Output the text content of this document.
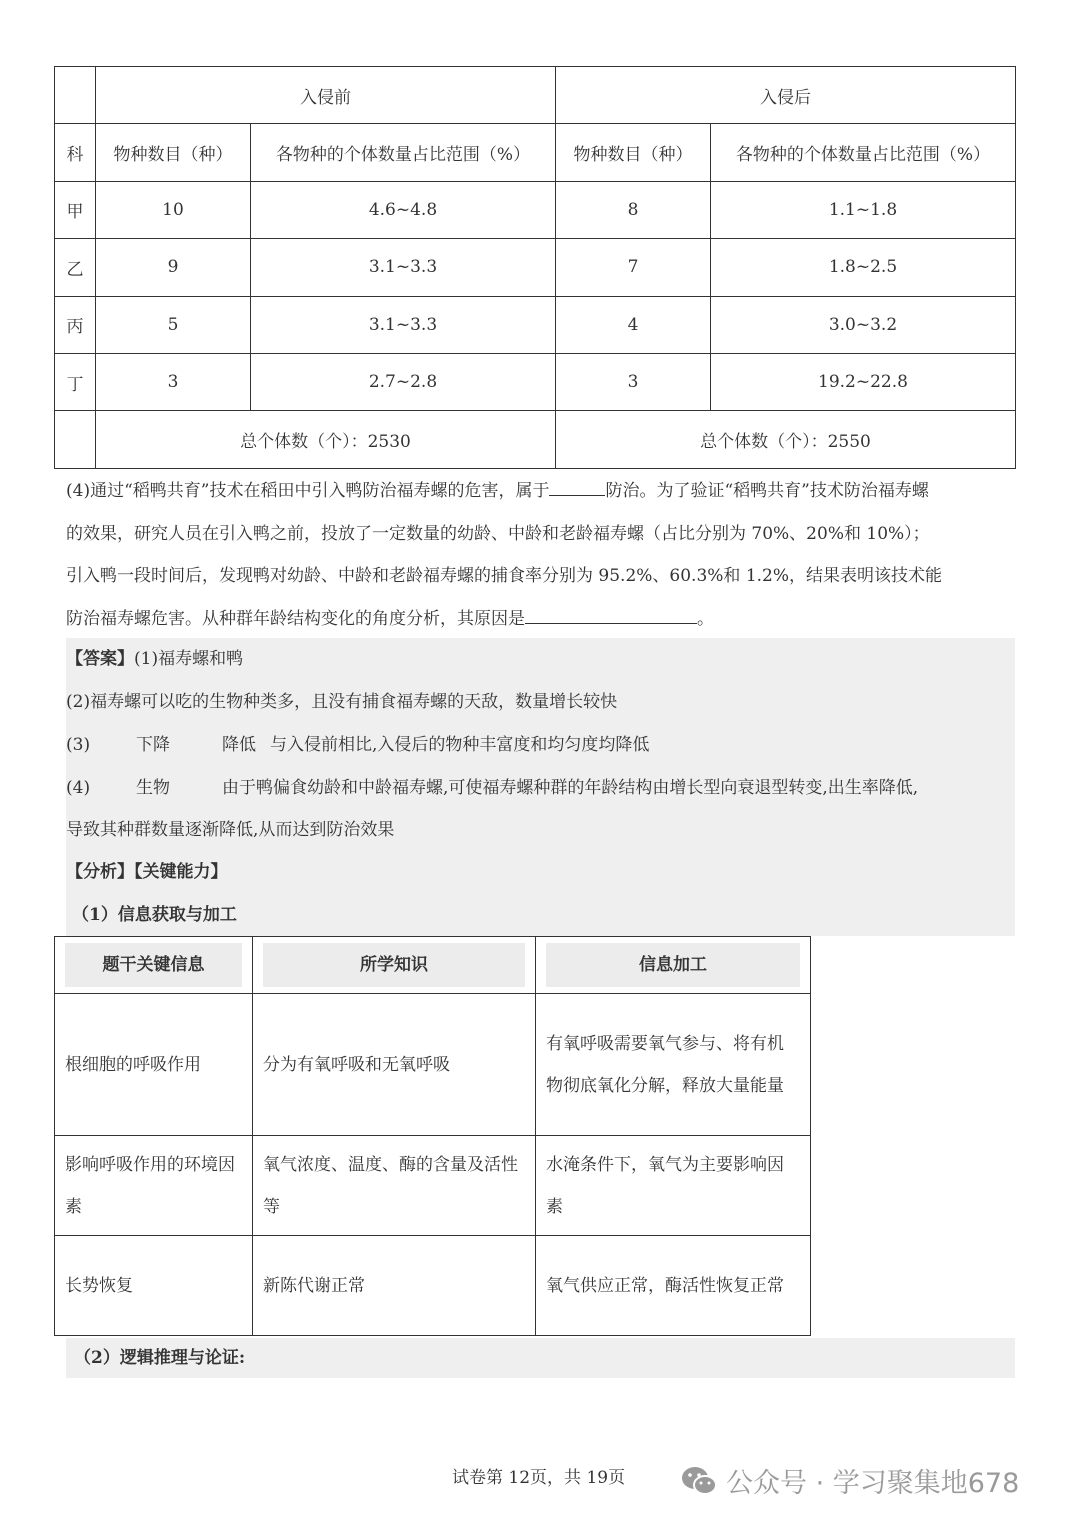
	入侵前		入侵后	
科	物种数目（种）	各物种的个体数量占比范围（%）	物种数目（种）	各物种的个体数量占比范围（%）
甲	10	4.6~4.8	8	1.1~1.8
乙	9	3.1~3.3	7	1.8~2.5
丙	5	3.1~3.3	4	3.0~3.2
丁	3	2.7~2.8	3	19.2~22.8
	总个体数（个）：2530		总个体数（个）：2550	
(4)通过“稻鸭共育”技术在稻田中引入鸭防治福寿螺的危害，属于	防治。为了验证“稻鸭共育”技术防治福寿螺
的效果，研究人员在引入鸭之前，投放了一定数量的幼龄、中龄和老龄福寿螺（占比分别为 70%、20%和 10%）；
引入鸭一段时间后，发现鸭对幼龄、中龄和老龄福寿螺的捕食率分别为 95.2%、60.3%和 1.2%，结果表明该技术能
防治福寿螺危害。从种群年龄结构变化的角度分析，其原因是	。
【答案】(1)福寿螺和鸭
(2)福寿螺可以吃的生物种类多，且没有捕食福寿螺的天敌，数量增长较快
(3)	下降	降低 与入侵前相比,入侵后的物种丰富度和均匀度均降低
(4)	生物	由于鸭偏食幼龄和中龄福寿螺,可使福寿螺种群的年龄结构由增长型向衰退型转变,出生率降低,
导致其种群数量逐渐降低,从而达到防治效果
【分析】【关键能力】
（1）信息获取与加工
题干关键信息	所学知识	信息加工

根细胞的呼吸作用	分为有氧呼吸和无氧呼吸	有氧呼吸需要氧气参与、将有机物彻底氧化分解，释放大量能量
影响呼吸作用的环境因素	氧气浓度、温度、酶的含量及活性等	水淹条件下，氧气为主要影响因素
长势恢复	新陈代谢正常	氧气供应正常，酶活性恢复正常
（2）逻辑推理与论证:
试卷第 12页，共 19页	公众号 · 学习聚集地678
